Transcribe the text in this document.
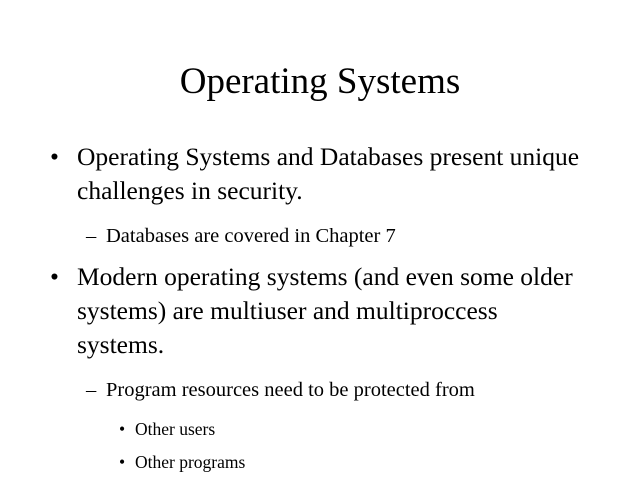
Operating Systems
• Operating Systems and Databases present unique challenges in security.
– Databases are covered in Chapter 7
• Modern operating systems (and even some older systems) are multiuser and multiproccess systems.
– Program resources need to be protected from
• Other users
• Other programs
